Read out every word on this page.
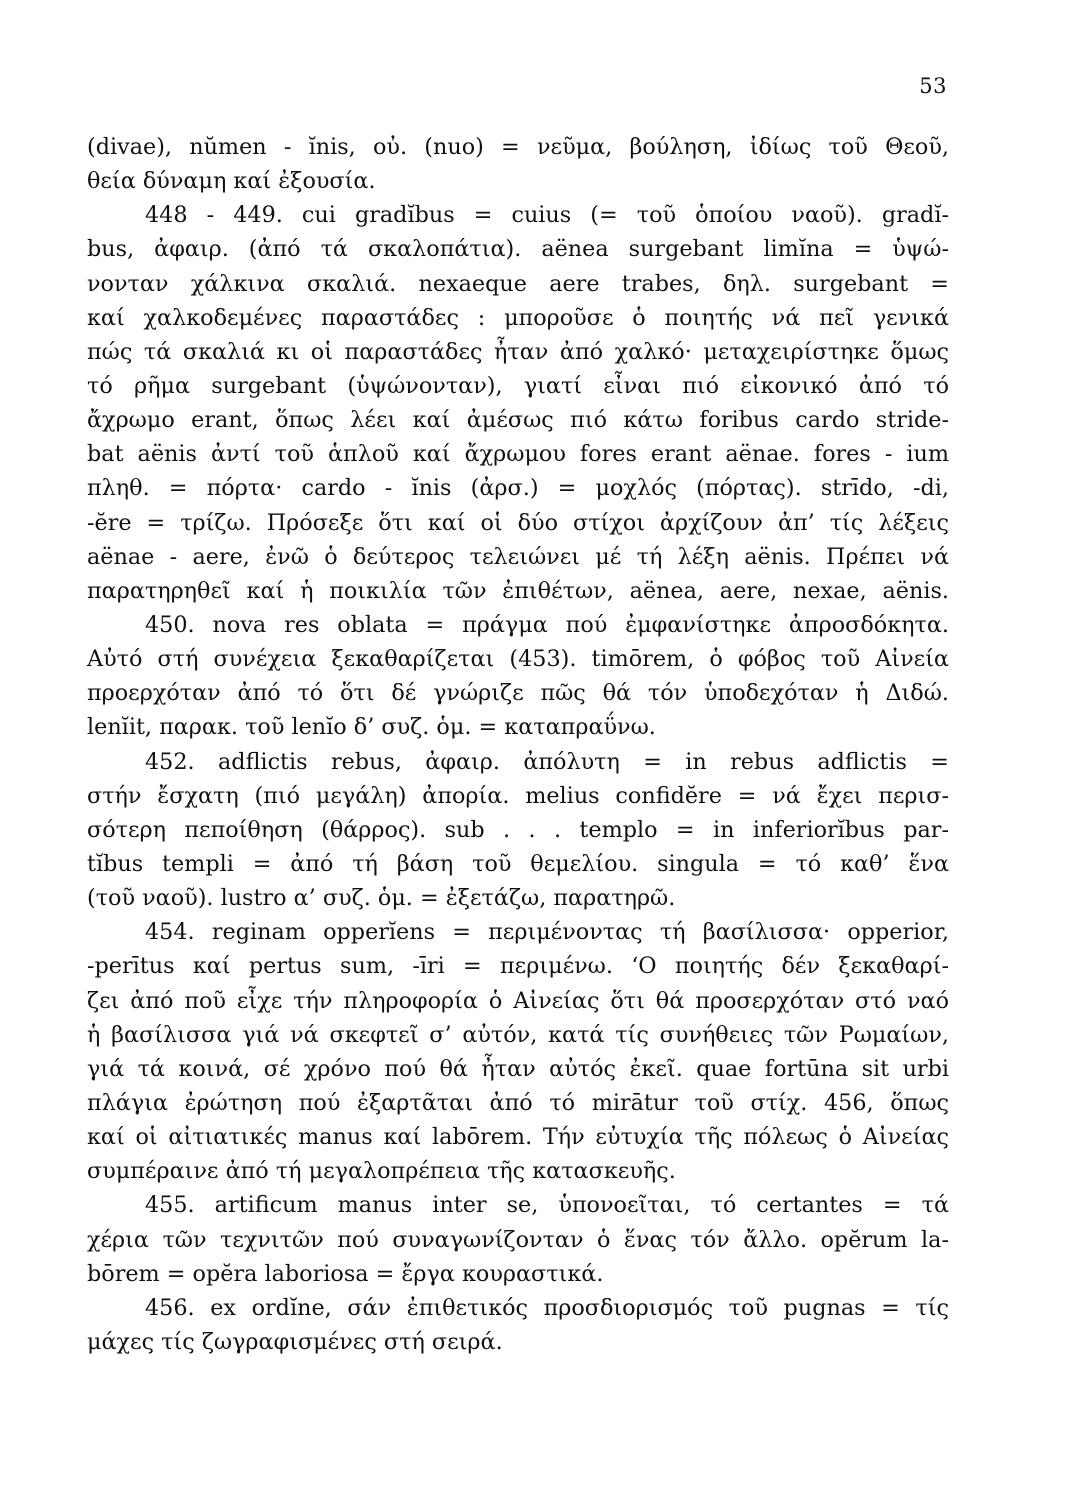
53
(divae), nŭmen - ĭnis, οὐ. (nuo) = νεῦμα, βούληση, ἰδίως τοῦ Θεοῦ,
θεία δύναμη καί ἐξουσία.
448 - 449. cui gradĭbus = cuius (= τοῦ ὁποίου ναοῦ). gradĭ-
bus, ἀφαιρ. (ἀπό τά σκαλοπάτια). aënea surgebant limĭna = ὑψώ-
νονταν χάλκινα σκαλιά. nexaeque aere trabes, δηλ. surgebant =
καί χαλκοδεμένες παραστάδες : μποροῦσε ὁ ποιητής νά πεῖ γενικά
πώς τά σκαλιά κι οἱ παραστάδες ἦταν ἀπό χαλκό· μεταχειρίστηκε ὅμως
τό ρῆμα surgebant (ὑψώνονταν), γιατί εἶναι πιό εἰκονικό ἀπό τό
ἄχρωμο erant, ὅπως λέει καί ἀμέσως πιό κάτω foribus cardo stride-
bat aënis ἀντί τοῦ ἁπλοῦ καί ἄχρωμου fores erant aënae. fores - ium
πληθ. = πόρτα· cardo - ĭnis (ἀρσ.) = μοχλός (πόρτας). strīdo, -di,
-ĕre = τρίζω. Πρόσεξε ὅτι καί οἱ δύο στίχοι ἀρχίζουν ἀπ’ τίς λέξεις
aënae - aere, ἐνῶ ὁ δεύτερος τελειώνει μέ τή λέξη aënis. Πρέπει νά
παρατηρηθεῖ καί ἡ ποικιλία τῶν ἐπιθέτων, aënea, aere, nexae, aënis.
450. nova res oblata = πράγμα πού ἐμφανίστηκε ἀπροσδόκητα.
Αὐτό στή συνέχεια ξεκαθαρίζεται (453). timōrem, ὁ φόβος τοῦ Αἰνεία
προερχόταν ἀπό τό ὅτι δέ γνώριζε πῶς θά τόν ὑποδεχόταν ἡ Διδώ.
lenĭit, παρακ. τοῦ lenĭo δ’ συζ. ὁμ. = καταπραΰνω.
452. adflictis rebus, ἀφαιρ. ἀπόλυτη = in rebus adflictis =
στήν ἔσχατη (πιό μεγάλη) ἀπορία. melius confidĕre = νά ἔχει περισ-
σότερη πεποίθηση (θάρρος). sub . . . templo = in inferiorĭbus par-
tĭbus templi = ἀπό τή βάση τοῦ θεμελίου. singula = τό καθ’ ἕνα
(τοῦ ναοῦ). lustro α’ συζ. ὁμ. = ἐξετάζω, παρατηρῶ.
454. reginam opperĭens = περιμένοντας τή βασίλισσα· opperior,
-perītus καί pertus sum, -īri = περιμένω. ‘Ο ποιητής δέν ξεκαθαρί-
ζει ἀπό ποῦ εἶχε τήν πληροφορία ὁ Αἰνείας ὅτι θά προσερχόταν στό ναό
ἡ βασίλισσα γιά νά σκεφτεῖ σ’ αὐτόν, κατά τίς συνήθειες τῶν Ρωμαίων,
γιά τά κοινά, σέ χρόνο πού θά ἦταν αὐτός ἐκεῖ. quae fortūna sit urbi
πλάγια ἐρώτηση πού ἐξαρτᾶται ἀπό τό mirātur τοῦ στίχ. 456, ὅπως
καί οἱ αἰτιατικές manus καί labōrem. Τήν εὐτυχία τῆς πόλεως ὁ Αἰνείας
συμπέραινε ἀπό τή μεγαλοπρέπεια τῆς κατασκευῆς.
455. artificum manus inter se, ὑπονοεῖται, τό certantes = τά
χέρια τῶν τεχνιτῶν πού συναγωνίζονταν ὁ ἕνας τόν ἄλλο. opĕrum la-
bōrem = opĕra laboriosa = ἔργα κουραστικά.
456. ex ordĭne, σάν ἐπιθετικός προσδιορισμός τοῦ pugnas = τίς
μάχες τίς ζωγραφισμένες στή σειρά.
